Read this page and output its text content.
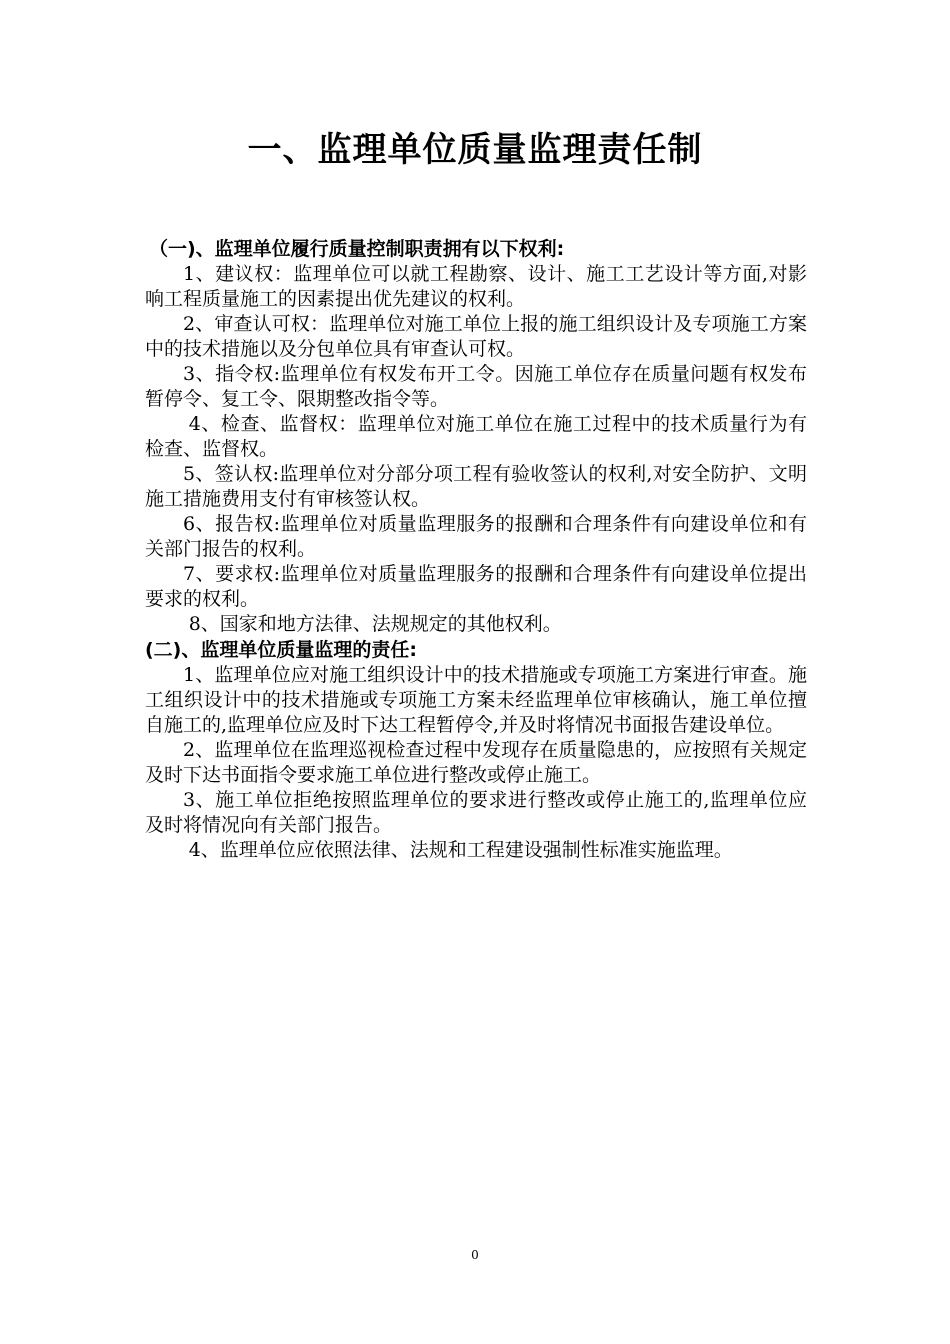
一、监理单位质量监理责任制

（一)、监理单位履行质量控制职责拥有以下权利:

1、建议权：监理单位可以就工程勘察、设计、施工工艺设计等方面,对影响工程质量施工的因素提出优先建议的权利。

2、审查认可权：监理单位对施工单位上报的施工组织设计及专项施工方案中的技术措施以及分包单位具有审查认可权。

3、指令权:监理单位有权发布开工令。因施工单位存在质量问题有权发布暂停令、复工令、限期整改指令等。

4、检查、监督权：监理单位对施工单位在施工过程中的技术质量行为有检查、监督权。

5、签认权:监理单位对分部分项工程有验收签认的权利,对安全防护、文明施工措施费用支付有审核签认权。

6、报告权:监理单位对质量监理服务的报酬和合理条件有向建设单位和有关部门报告的权利。

7、要求权:监理单位对质量监理服务的报酬和合理条件有向建设单位提出要求的权利。

8、国家和地方法律、法规规定的其他权利。

(二)、监理单位质量监理的责任:

1、监理单位应对施工组织设计中的技术措施或专项施工方案进行审查。施工组织设计中的技术措施或专项施工方案未经监理单位审核确认，施工单位擅自施工的,监理单位应及时下达工程暂停令,并及时将情况书面报告建设单位。

2、监理单位在监理巡视检查过程中发现存在质量隐患的，应按照有关规定及时下达书面指令要求施工单位进行整改或停止施工。

3、施工单位拒绝按照监理单位的要求进行整改或停止施工的,监理单位应及时将情况向有关部门报告。

4、监理单位应依照法律、法规和工程建设强制性标准实施监理。

0
